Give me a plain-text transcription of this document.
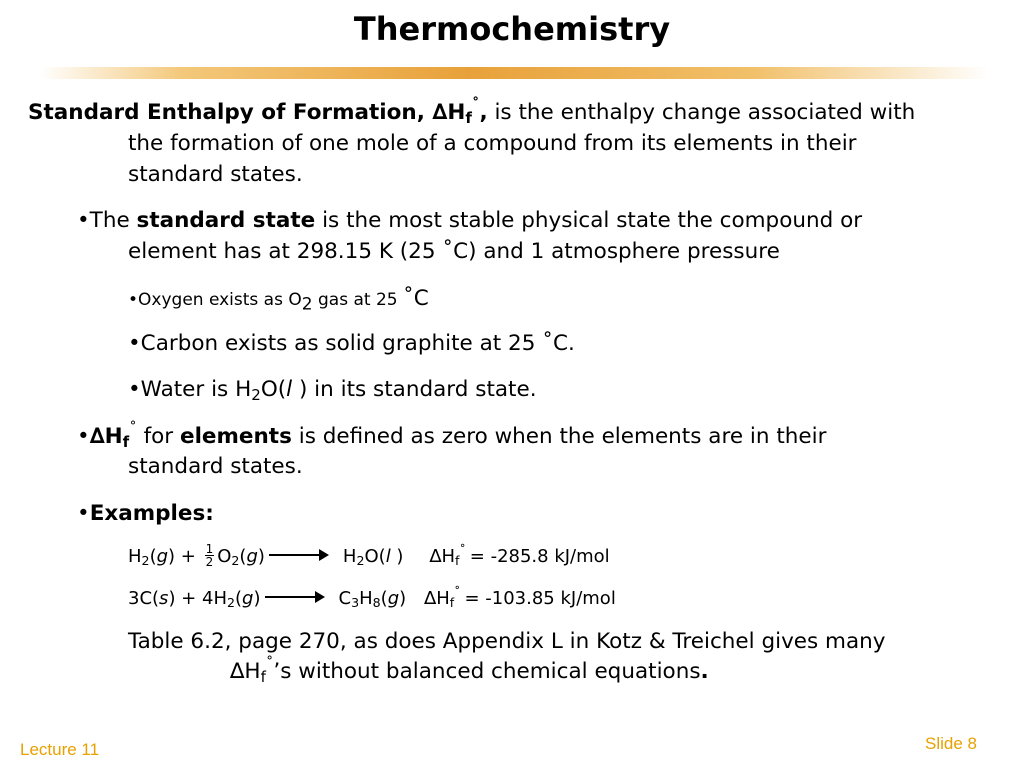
Thermochemistry
Standard Enthalpy of Formation, $\Delta H_f^˚$, is the enthalpy change associated with
the formation of one mole of a compound from its elements in their
standard states.
•The standard state is the most stable physical state the compound or
element has at 298.15 K (25 ˚C) and 1 atmosphere pressure
•Oxygen exists as $O_2$ gas at 25 ˚C
•Carbon exists as solid graphite at 25 ˚C.
•Water is $H_2O(l$ ) in its standard state.
$•\Delta H_f^˚$ for elements is defined as zero when the elements are in their
standard states.
•Examples:
$H_2(g) + \frac{1}{2} O_2(g) \to H_2O(l$ ) $\Delta H_f^˚ = -285.8$ kJ/mol
$3C(s) + 4H_2(g) \to C_3H_8(g) \Delta H_f^˚ = -103.85$ kJ/mol
Table 6.2, page 270, as does Appendix L in Kotz & Treichel gives many
$\Delta H_f^˚’s$ without balanced chemical equations.
Lecture 11	Slide 8
